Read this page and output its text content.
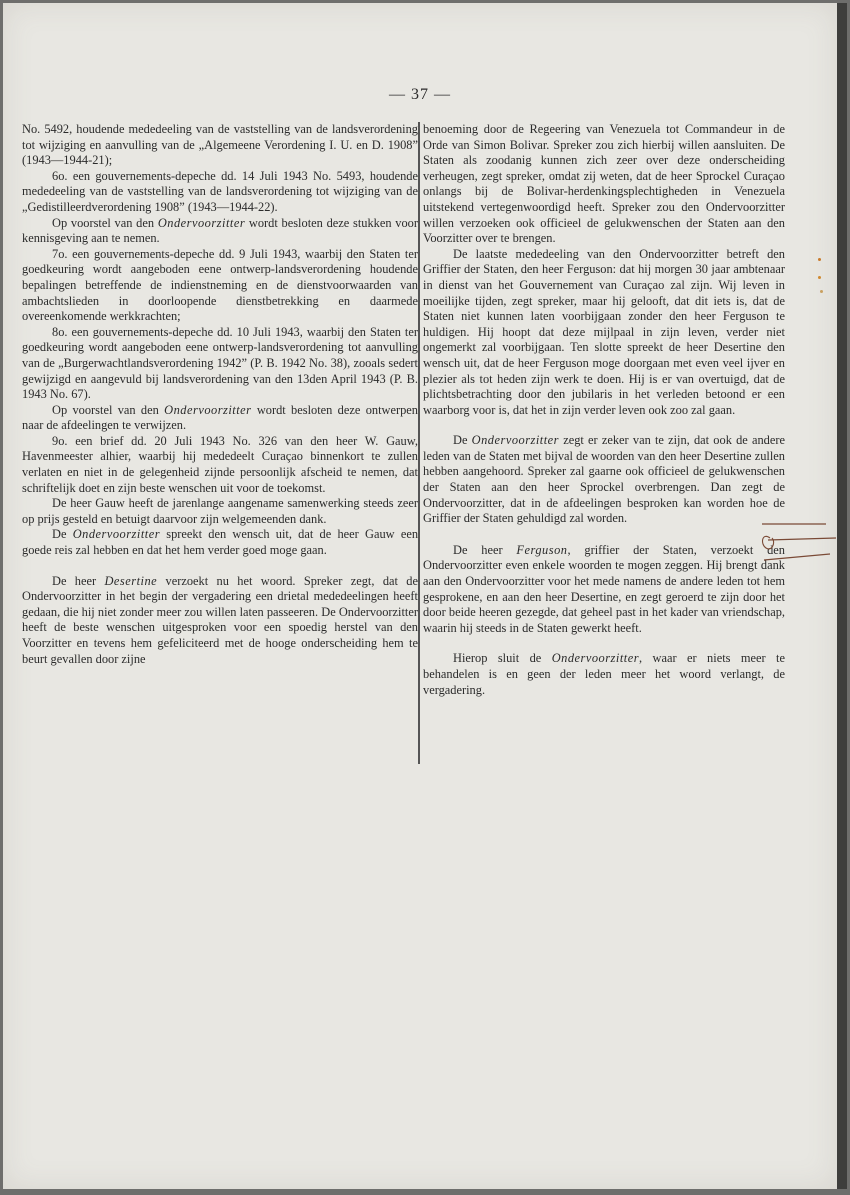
— 37 —

No. 5492, houdende mededeeling van de vaststelling van de landsverordening tot wijziging en aanvulling van de „Algemeene Verordening I. U. en D. 1908” (1943—1944-21);

6o. een gouvernements-depeche dd. 14 Juli 1943 No. 5493, houdende mededeeling van de vaststelling van de landsverordening tot wijziging van de „Gedistilleerdverordening 1908” (1943—1944-22).

Op voorstel van den Ondervoorzitter wordt besloten deze stukken voor kennisgeving aan te nemen.

7o. een gouvernements-depeche dd. 9 Juli 1943, waarbij den Staten ter goedkeuring wordt aangeboden eene ontwerp-landsverordening houdende bepalingen betreffende de indienstneming en de dienstvoorwaarden van ambachtslieden in doorloopende dienstbetrekking en daarmede overeenkomende werkkrachten;

8o. een gouvernements-depeche dd. 10 Juli 1943, waarbij den Staten ter goedkeuring wordt aangeboden eene ontwerp-landsverordening tot aanvulling van de „Burgerwachtlandsverordening 1942” (P. B. 1942 No. 38), zooals sedert gewijzigd en aangevuld bij landsverordening van den 13den April 1943 (P. B. 1943 No. 67).

Op voorstel van den Ondervoorzitter wordt besloten deze ontwerpen naar de afdeelingen te verwijzen.

9o. een brief dd. 20 Juli 1943 No. 326 van den heer W. Gauw, Havenmeester alhier, waarbij hij mededeelt Curaçao binnenkort te zullen verlaten en niet in de gelegenheid zijnde persoonlijk afscheid te nemen, dat schriftelijk doet en zijn beste wenschen uit voor de toekomst.

De heer Gauw heeft de jarenlange aangename samenwerking steeds zeer op prijs gesteld en betuigt daarvoor zijn welgemeenden dank.

De Ondervoorzitter spreekt den wensch uit, dat de heer Gauw een goede reis zal hebben en dat het hem verder goed moge gaan.

De heer Desertine verzoekt nu het woord. Spreker zegt, dat de Ondervoorzitter in het begin der vergadering een drietal mededeelingen heeft gedaan, die hij niet zonder meer zou willen laten passeeren. De Ondervoorzitter heeft de beste wenschen uitgesproken voor een spoedig herstel van den Voorzitter en tevens hem gefeliciteerd met de hooge onderscheiding hem te beurt gevallen door zijne

benoeming door de Regeering van Venezuela tot Commandeur in de Orde van Simon Bolivar. Spreker zou zich hierbij willen aansluiten. De Staten als zoodanig kunnen zich zeer over deze onderscheiding verheugen, zegt spreker, omdat zij weten, dat de heer Sprockel Curaçao onlangs bij de Bolivar-herdenkingsplechtigheden in Venezuela uitstekend vertegenwoordigd heeft. Spreker zou den Ondervoorzitter willen verzoeken ook officieel de gelukwenschen der Staten aan den Voorzitter over te brengen.

De laatste mededeeling van den Ondervoorzitter betreft den Griffier der Staten, den heer Ferguson: dat hij morgen 30 jaar ambtenaar in dienst van het Gouvernement van Curaçao zal zijn. Wij leven in moeilijke tijden, zegt spreker, maar hij gelooft, dat dit iets is, dat de Staten niet kunnen laten voorbijgaan zonder den heer Ferguson te huldigen. Hij hoopt dat deze mijlpaal in zijn leven, verder niet ongemerkt zal voorbijgaan. Ten slotte spreekt de heer Desertine den wensch uit, dat de heer Ferguson moge doorgaan met even veel ijver en plezier als tot heden zijn werk te doen. Hij is er van overtuigd, dat de plichtsbetrachting door den jubilaris in het verleden betoond er een waarborg voor is, dat het in zijn verder leven ook zoo zal gaan.

De Ondervoorzitter zegt er zeker van te zijn, dat ook de andere leden van de Staten met bijval de woorden van den heer Desertine zullen hebben aangehoord. Spreker zal gaarne ook officieel de gelukwenschen der Staten aan den heer Sprockel overbrengen. Dan zegt de Ondervoorzitter, dat in de afdeelingen besproken kan worden hoe de Griffier der Staten gehuldigd zal worden.

De heer Ferguson, griffier der Staten, verzoekt den Ondervoorzitter even enkele woorden te mogen zeggen. Hij brengt dank aan den Ondervoorzitter voor het mede namens de andere leden tot hem gesprokene, en aan den heer Desertine, en zegt geroerd te zijn door het door beide heeren gezegde, dat geheel past in het kader van vriendschap, waarin hij steeds in de Staten gewerkt heeft.

Hierop sluit de Ondervoorzitter, waar er niets meer te behandelen is en geen der leden meer het woord verlangt, de vergadering.
